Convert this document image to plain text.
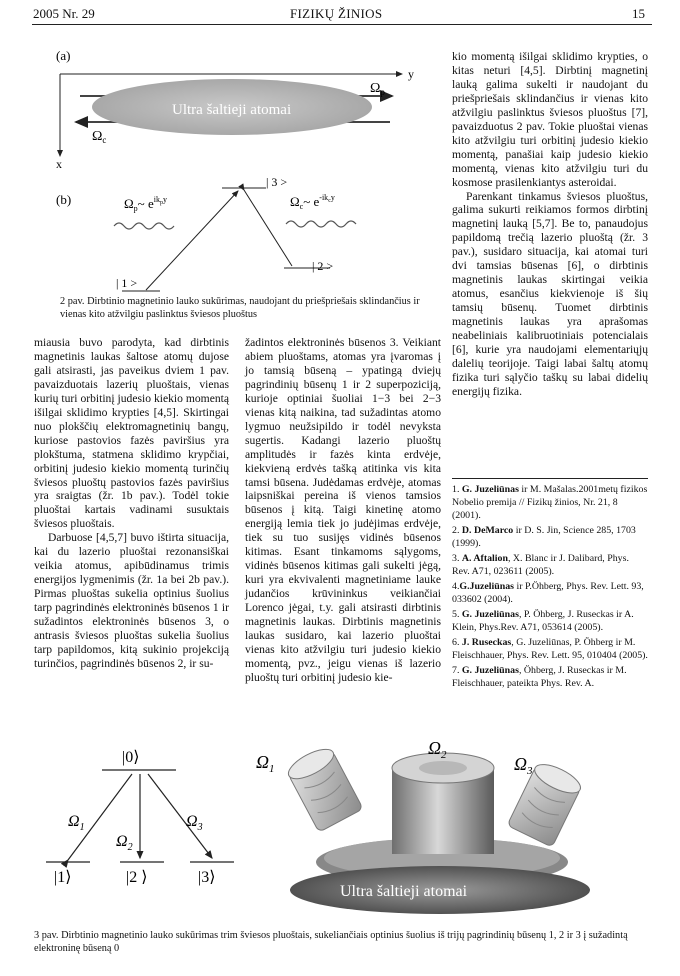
2005 Nr. 29	FIZIKŲ ŽINIOS	15
(a)
y
x
Ultra šaltieji atomai
$\Omega_p$
$\Omega_c$
(b)
| 3 >
| 1 >
| 2 >
$\Omega_p\sim$ $e^{ik}py$	$\Omega_c\sim$ $e^{-ik}cy$
2 pav. Dirbtinio magnetinio lauko sukūrimas, naudojant du priešpriešais sklindančius ir vienas kito atžvilgiu paslinktus šviesos pluoštus

miausia buvo parodyta, kad dirbtinis magnetinis laukas šaltose atomų dujose gali atsirasti, jas paveikus dviem 1 pav. pavaizduotais lazerių pluoštais, vienas kurių turi orbitinį judesio kiekio momentą išilgai sklidimo krypties [4,5]. Skirtingai nuo plokščių elektromagnetinių bangų, kuriose pastovios fazės paviršius yra plokštuma, statmena sklidimo krypčiai, orbitinį judesio kiekio momentą turinčių šviesos pluoštų pastovios fazės paviršius yra sraigtas (žr. 1b pav.). Todėl tokie pluoštai kartais vadinami susuktais šviesos pluoštais.

Darbuose [4,5,7] buvo ištirta situacija, kai du lazerio pluoštai rezonansiškai veikia atomus, apibūdinamus trimis energijos lygmenimis (žr. 1a bei 2b pav.). Pirmas pluoštas sukelia optinius šuolius tarp pagrindinės elektroninės būsenos 1 ir sužadintos elektroninės būsenos 3, o antrasis šviesos pluoštas sukelia šuolius tarp papildomos, kitą sukinio projekciją turinčios, pagrindinės būsenos 2, ir su-

žadintos elektroninės būsenos 3. Veikiant abiem pluoštams, atomas yra įvaromas į jo tamsią būseną – ypatingą dviejų pagrindinių būsenų 1 ir 2 superpoziciją, kurioje optiniai šuoliai 1−3 bei 2−3 vienas kitą naikina, tad sužadintas atomo lygmuo neužsipildo ir todėl nevyksta sugertis. Kadangi lazerio pluoštų amplitudės ir fazės kinta erdvėje, kiekvieną erdvės tašką atitinka vis kita tamsi būsena. Judėdamas erdvėje, atomas laipsniškai pereina iš vienos tamsios būsenos į kitą. Taigi kinetinę atomo energiją lemia tiek jo judėjimas erdvėje, tiek su tuo susijęs vidinės būsenos kitimas. Esant tinkamoms sąlygoms, vidinės būsenos kitimas gali sukelti jėgą, kuri yra ekvivalenti magnetiniame lauke judančios krūvininkus veikiančiai Lorenco jėgai, t.y. gali atsirasti dirbtinis magnetinis laukas. Dirbtinis magnetinis laukas susidaro, kai lazerio pluoštai vienas kito atžvilgiu turi judesio kiekio momentą, pvz., jeigu vienas iš lazerio pluoštų turi orbitinį judesio kie-

kio momentą išilgai sklidimo krypties, o kitas neturi [4,5]. Dirbtinį magnetinį lauką galima sukelti ir naudojant du priešpriešais sklindančius ir vienas kito atžvilgiu paslinktus šviesos pluoštus [7], pavaizduotus 2 pav. Tokie pluoštai vienas kito atžvilgiu turi orbitinį judesio kiekio momentą, panašiai kaip judesio kiekio momentą, vienas kito atžvilgiu turi du kosmose prasilenkiantys asteroidai.

Parenkant tinkamus šviesos pluoštus, galima sukurti reikiamos formos dirbtinį magnetinį lauką [5,7]. Be to, panaudojus papildomą trečią lazerio pluoštą (žr. 3 pav.), susidaro situacija, kai atomai turi dvi tamsias būsenas [6], o dirbtinis magnetinis laukas skirtingai veikia atomus, esančius kiekvienoje iš šių tamsių būsenų. Tuomet dirbtinis magnetinis laukas yra aprašomas neabeliniais kalibruotiniais potencialais [6], kurie yra naudojami elementariųjų dalelių teorijoje. Taigi labai šaltų atomų fizika turi sąlyčio taškų su labai didelių energijų fizika.

1. G. Juzeliūnas ir M. Mašalas.2001metų fizikos Nobelio premija // Fizikų žinios, Nr. 21, 8 (2001).

2. D. DeMarco ir D. S. Jin, Science 285, 1703 (1999).

3. A. Aftalion, X. Blanc ir J. Dalibard, Phys. Rev. A71, 023611 (2005).

4.G.Juzeliūnas ir P.Öhberg, Phys. Rev. Lett. 93, 033602 (2004).

5. G. Juzeliūnas, P. Öhberg, J. Ruseckas ir A. Klein, Phys.Rev. A71, 053614 (2005).

6. J. Ruseckas, G. Juzeliūnas, P. Öhberg ir M. Fleischhauer, Phys. Rev. Lett. 95, 010404 (2005).

7. G. Juzeliūnas, Öhberg, J. Ruseckas ir M. Fleischhauer, pateikta Phys. Rev. A.

|0⟩
|1⟩	|2 ⟩	|3⟩
$\Omega_1$
$\Omega_2$
$\Omega_3$
Ultra šaltieji atomai
$\Omega_1$
$\Omega_2$	$\Omega_3$
3 pav. Dirbtinio magnetinio lauko sukūrimas trim šviesos pluoštais, sukeliančiais optinius šuolius iš trijų pagrindinių būsenų 1, 2 ir 3 į sužadintą elektroninę būseną 0
